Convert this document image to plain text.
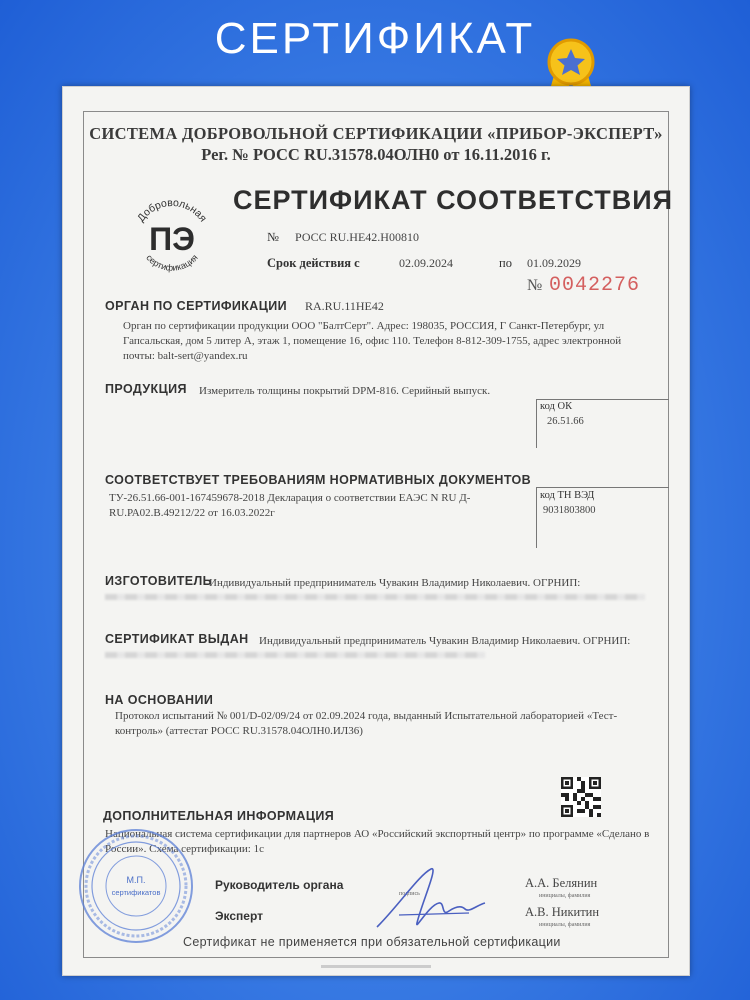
СЕРТИФИКАТ
СИСТЕМА ДОБРОВОЛЬНОЙ СЕРТИФИКАЦИИ «ПРИБОР-ЭКСПЕРТ»
Рег. № РОСС RU.31578.04ОЛН0 от 16.11.2016 г.
Добровольная
ПЭ
сертификация
СЕРТИФИКАТ СООТВЕТСТВИЯ
№ РОСС RU.НЕ42.Н00810
Срок действия с	02.09.2024	по 01.09.2029
№ 0042276
ОРГАН ПО СЕРТИФИКАЦИИ RA.RU.11НЕ42
Орган по сертификации продукции ООО "БалтСерт". Адрес: 198035, РОССИЯ, Г Санкт-Петербург, ул Гапсальская, дом 5 литер А, этаж 1, помещение 16, офис 110. Телефон 8-812-309-1755, адрес электронной почты: balt-sert@yandex.ru
ПРОДУКЦИЯ Измеритель толщины покрытий DPM-816. Серийный выпуск.
код ОК
26.51.66
СООТВЕТСТВУЕТ ТРЕБОВАНИЯМ НОРМАТИВНЫХ ДОКУМЕНТОВ
ТУ-26.51.66-001-167459678-2018 Декларация о соответствии ЕАЭС N RU Д-RU.РА02.В.49212/22 от 16.03.2022г
код ТН ВЭД
9031803800
ИЗГОТОВИТЕЛЬ
Индивидуальный предприниматель Чувакин Владимир Николаевич. ОГРНИП:
СЕРТИФИКАТ ВЫДАН Индивидуальный предприниматель Чувакин Владимир Николаевич. ОГРНИП:
НА ОСНОВАНИИ
Протокол испытаний № 001/D-02/09/24 от 02.09.2024 года, выданный Испытательной лабораторией «Тест-контроль» (аттестат РОСС RU.31578.04ОЛН0.ИЛ36)
ДОПОЛНИТЕЛЬНАЯ ИНФОРМАЦИЯ
Национальная система сертификации для партнеров АО «Российский экспортный центр» по программе «Сделано в России». Схема сертификации: 1с
Руководитель органа
подпись
А.А. Белянин
инициалы, фамилия
Эксперт	А.В. Никитин
инициалы, фамилия
М.П.
сертификатов
Сертификат не применяется при обязательной сертификации
